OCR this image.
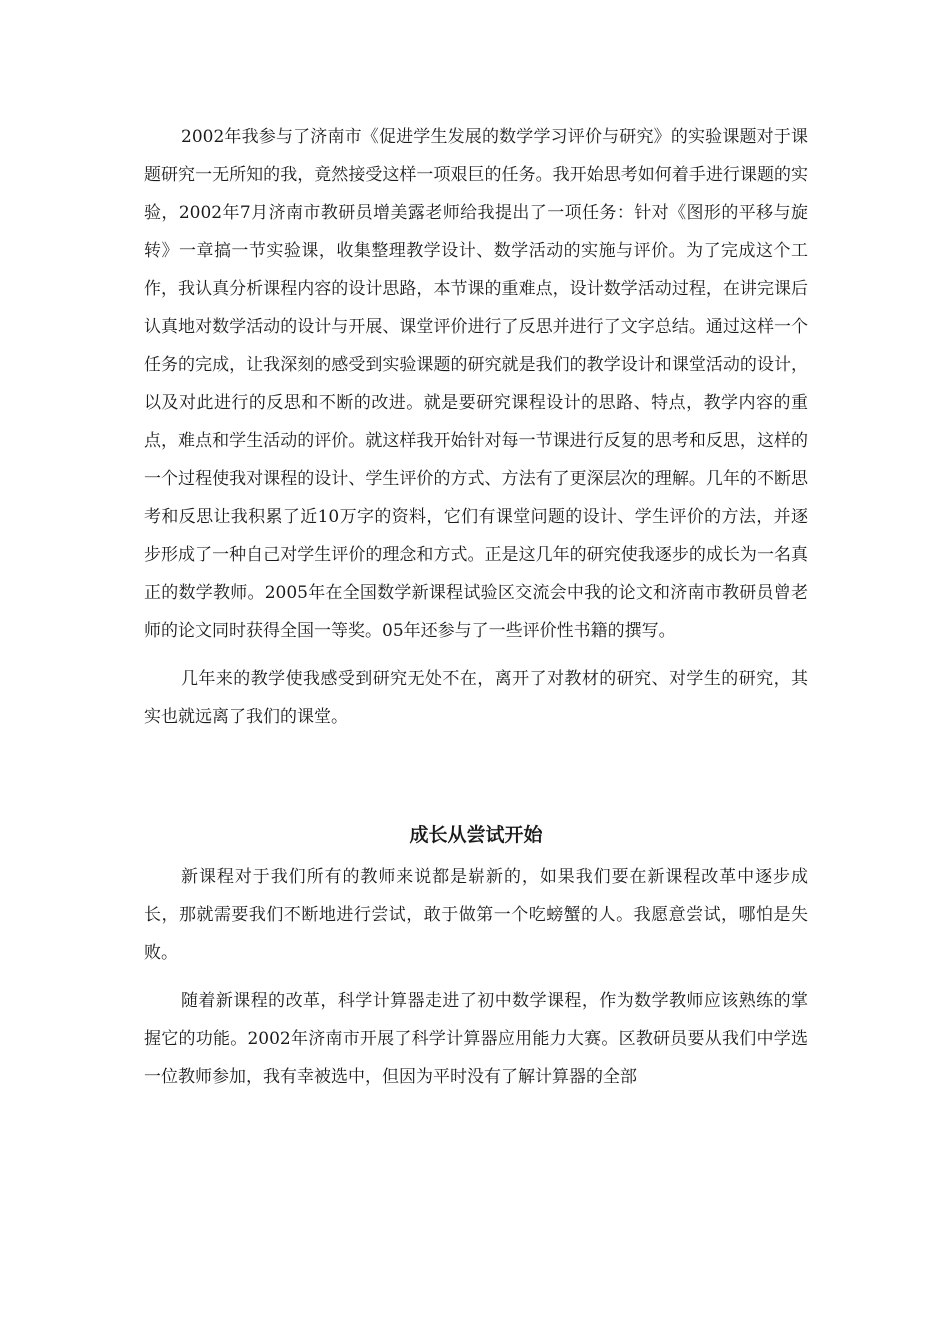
2002年我参与了济南市《促进学生发展的数学学习评价与研究》的实验课题对于课题研究一无所知的我，竟然接受这样一项艰巨的任务。我开始思考如何着手进行课题的实验，2002年7月济南市教研员增美露老师给我提出了一项任务：针对《图形的平移与旋转》一章搞一节实验课，收集整理教学设计、数学活动的实施与评价。为了完成这个工作，我认真分析课程内容的设计思路，本节课的重难点，设计数学活动过程，在讲完课后认真地对数学活动的设计与开展、课堂评价进行了反思并进行了文字总结。通过这样一个任务的完成，让我深刻的感受到实验课题的研究就是我们的教学设计和课堂活动的设计，以及对此进行的反思和不断的改进。就是要研究课程设计的思路、特点，教学内容的重点，难点和学生活动的评价。就这样我开始针对每一节课进行反复的思考和反思，这样的一个过程使我对课程的设计、学生评价的方式、方法有了更深层次的理解。几年的不断思考和反思让我积累了近10万字的资料，它们有课堂问题的设计、学生评价的方法，并逐步形成了一种自己对学生评价的理念和方式。正是这几年的研究使我逐步的成长为一名真正的数学教师。2005年在全国数学新课程试验区交流会中我的论文和济南市教研员曾老师的论文同时获得全国一等奖。05年还参与了一些评价性书籍的撰写。

几年来的教学使我感受到研究无处不在，离开了对教材的研究、对学生的研究，其实也就远离了我们的课堂。

成长从尝试开始

新课程对于我们所有的教师来说都是崭新的，如果我们要在新课程改革中逐步成长，那就需要我们不断地进行尝试，敢于做第一个吃螃蟹的人。我愿意尝试，哪怕是失败。

随着新课程的改革，科学计算器走进了初中数学课程，作为数学教师应该熟练的掌握它的功能。2002年济南市开展了科学计算器应用能力大赛。区教研员要从我们中学选一位教师参加，我有幸被选中，但因为平时没有了解计算器的全部
